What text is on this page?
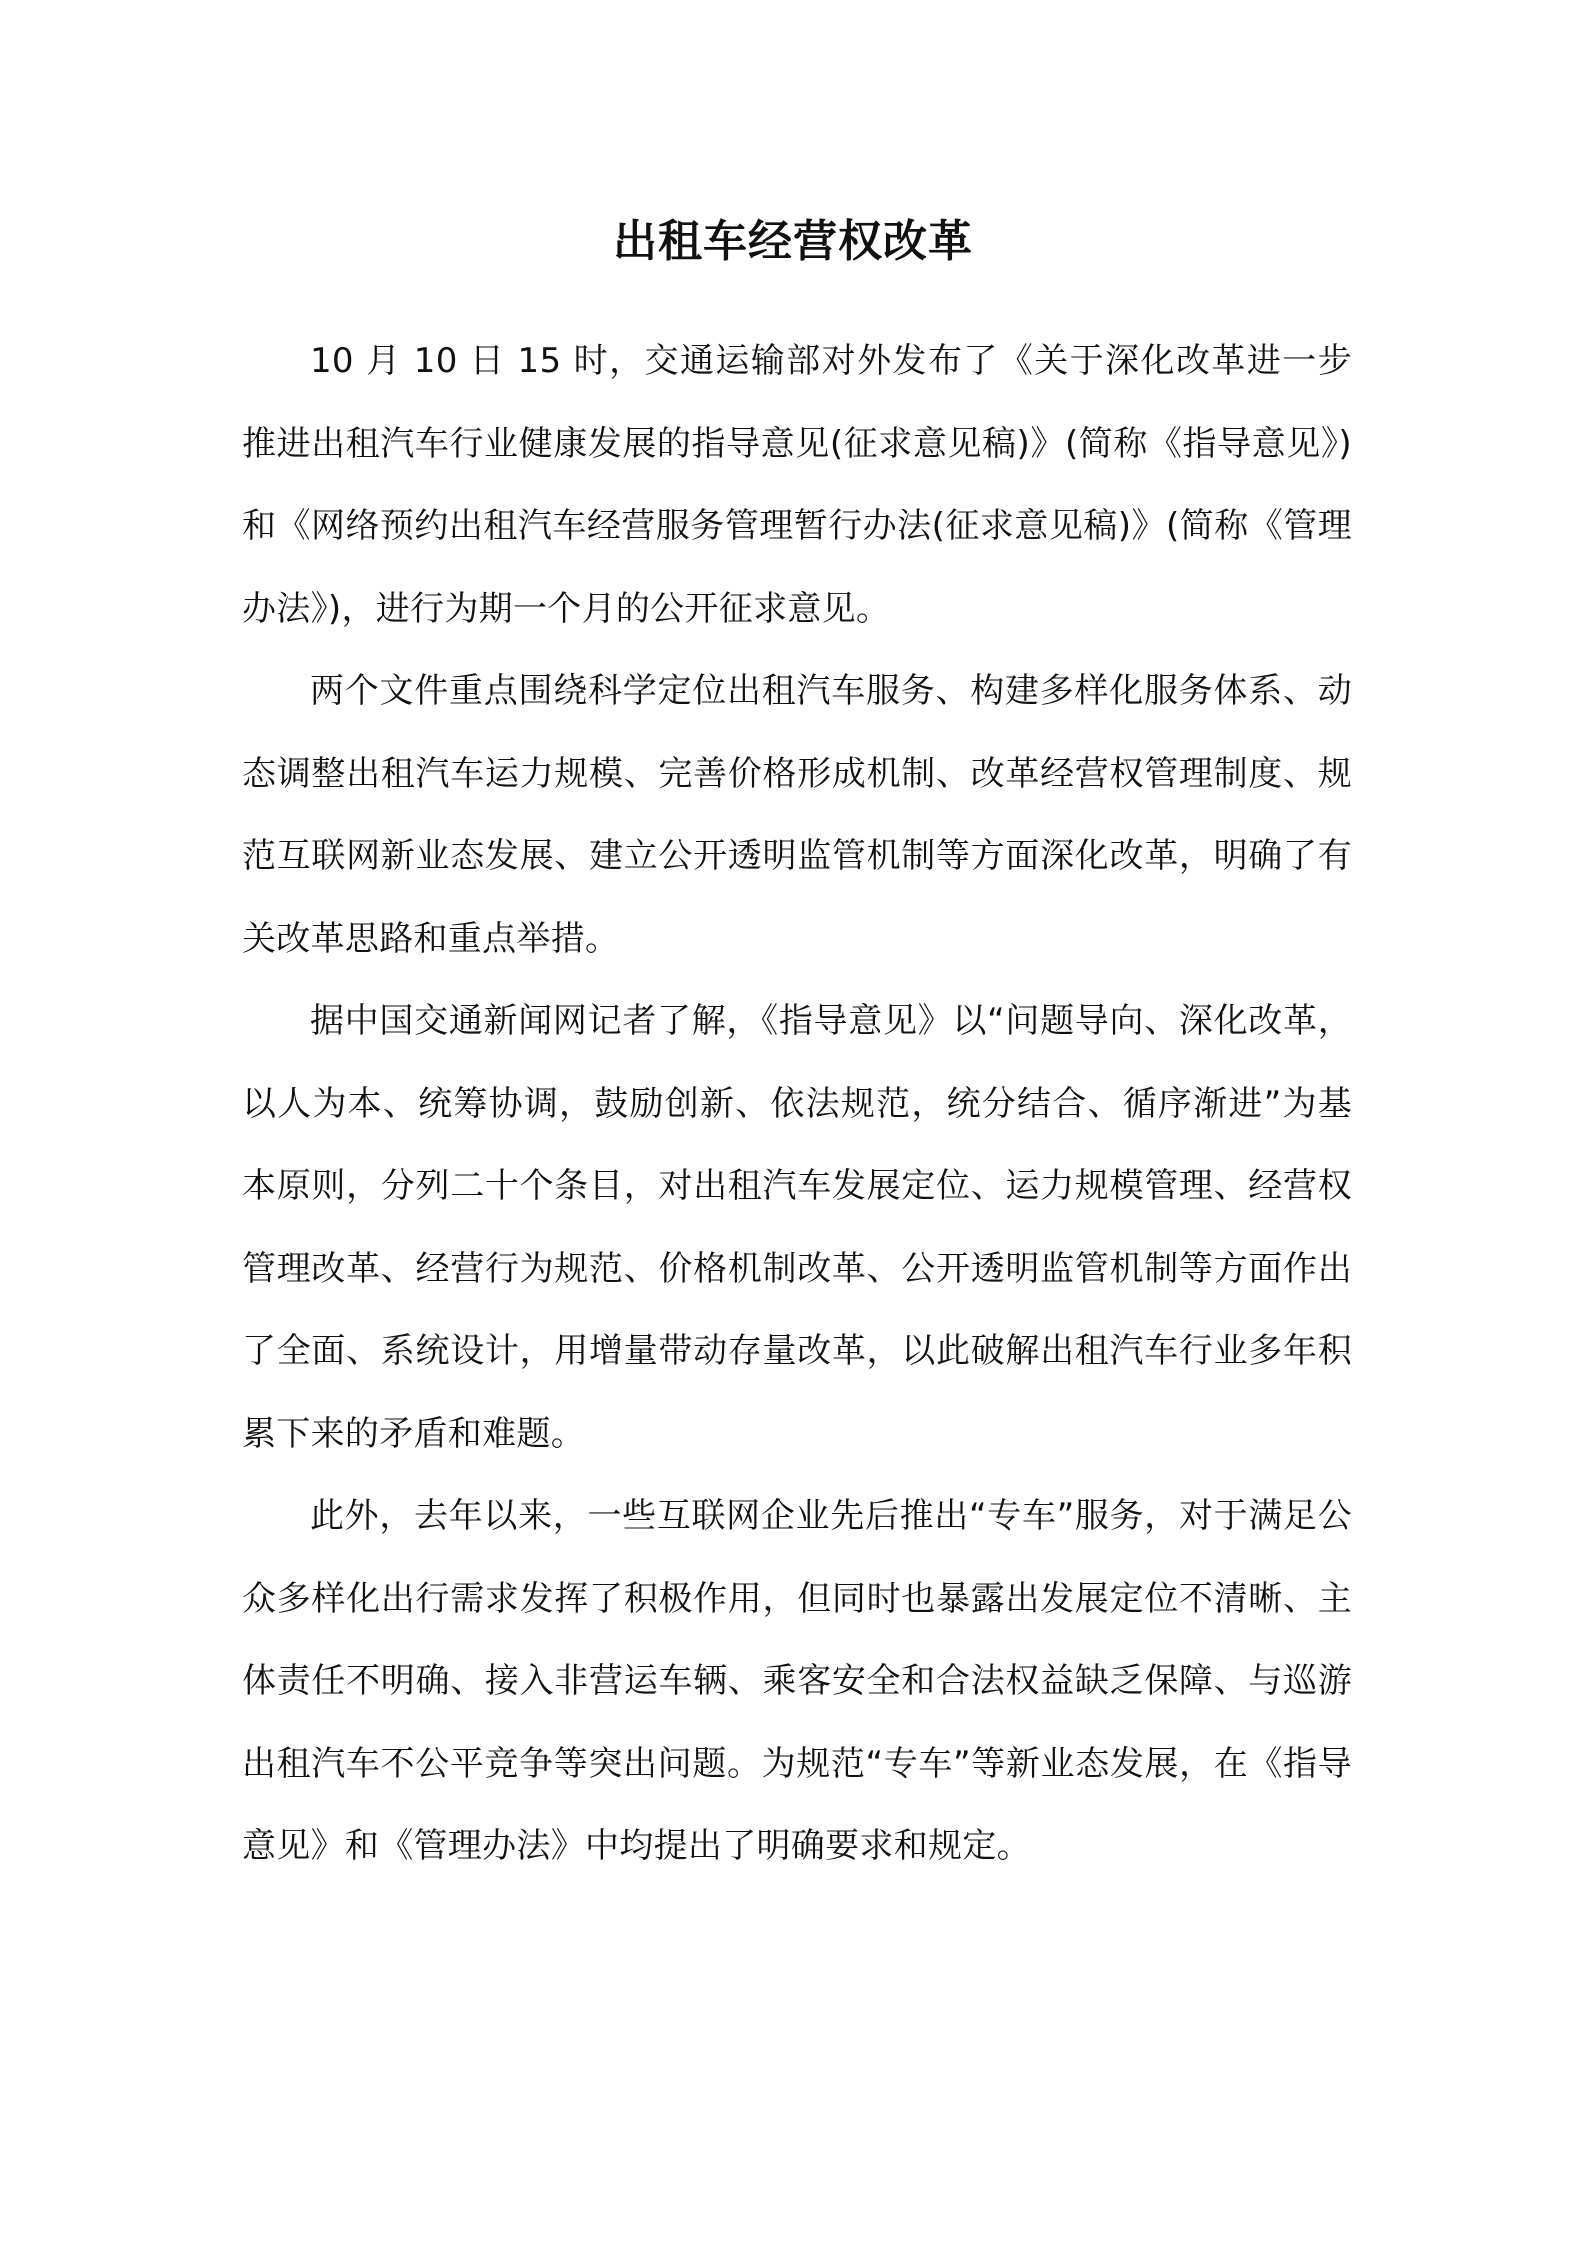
出租车经营权改革

10 月 10 日 15 时，交通运输部对外发布了《关于深化改革进一步推进出租汽车行业健康发展的指导意见(征求意见稿)》(简称《指导意见》)和《网络预约出租汽车经营服务管理暂行办法(征求意见稿)》(简称《管理办法》)，进行为期一个月的公开征求意见。

两个文件重点围绕科学定位出租汽车服务、构建多样化服务体系、动态调整出租汽车运力规模、完善价格形成机制、改革经营权管理制度、规范互联网新业态发展、建立公开透明监管机制等方面深化改革，明确了有关改革思路和重点举措。

据中国交通新闻网记者了解，《指导意见》以“问题导向、深化改革，以人为本、统筹协调，鼓励创新、依法规范，统分结合、循序渐进”为基本原则，分列二十个条目，对出租汽车发展定位、运力规模管理、经营权管理改革、经营行为规范、价格机制改革、公开透明监管机制等方面作出了全面、系统设计，用增量带动存量改革，以此破解出租汽车行业多年积累下来的矛盾和难题。

此外，去年以来，一些互联网企业先后推出“专车”服务，对于满足公众多样化出行需求发挥了积极作用，但同时也暴露出发展定位不清晰、主体责任不明确、接入非营运车辆、乘客安全和合法权益缺乏保障、与巡游出租汽车不公平竞争等突出问题。为规范“专车”等新业态发展，在《指导意见》和《管理办法》中均提出了明确要求和规定。
